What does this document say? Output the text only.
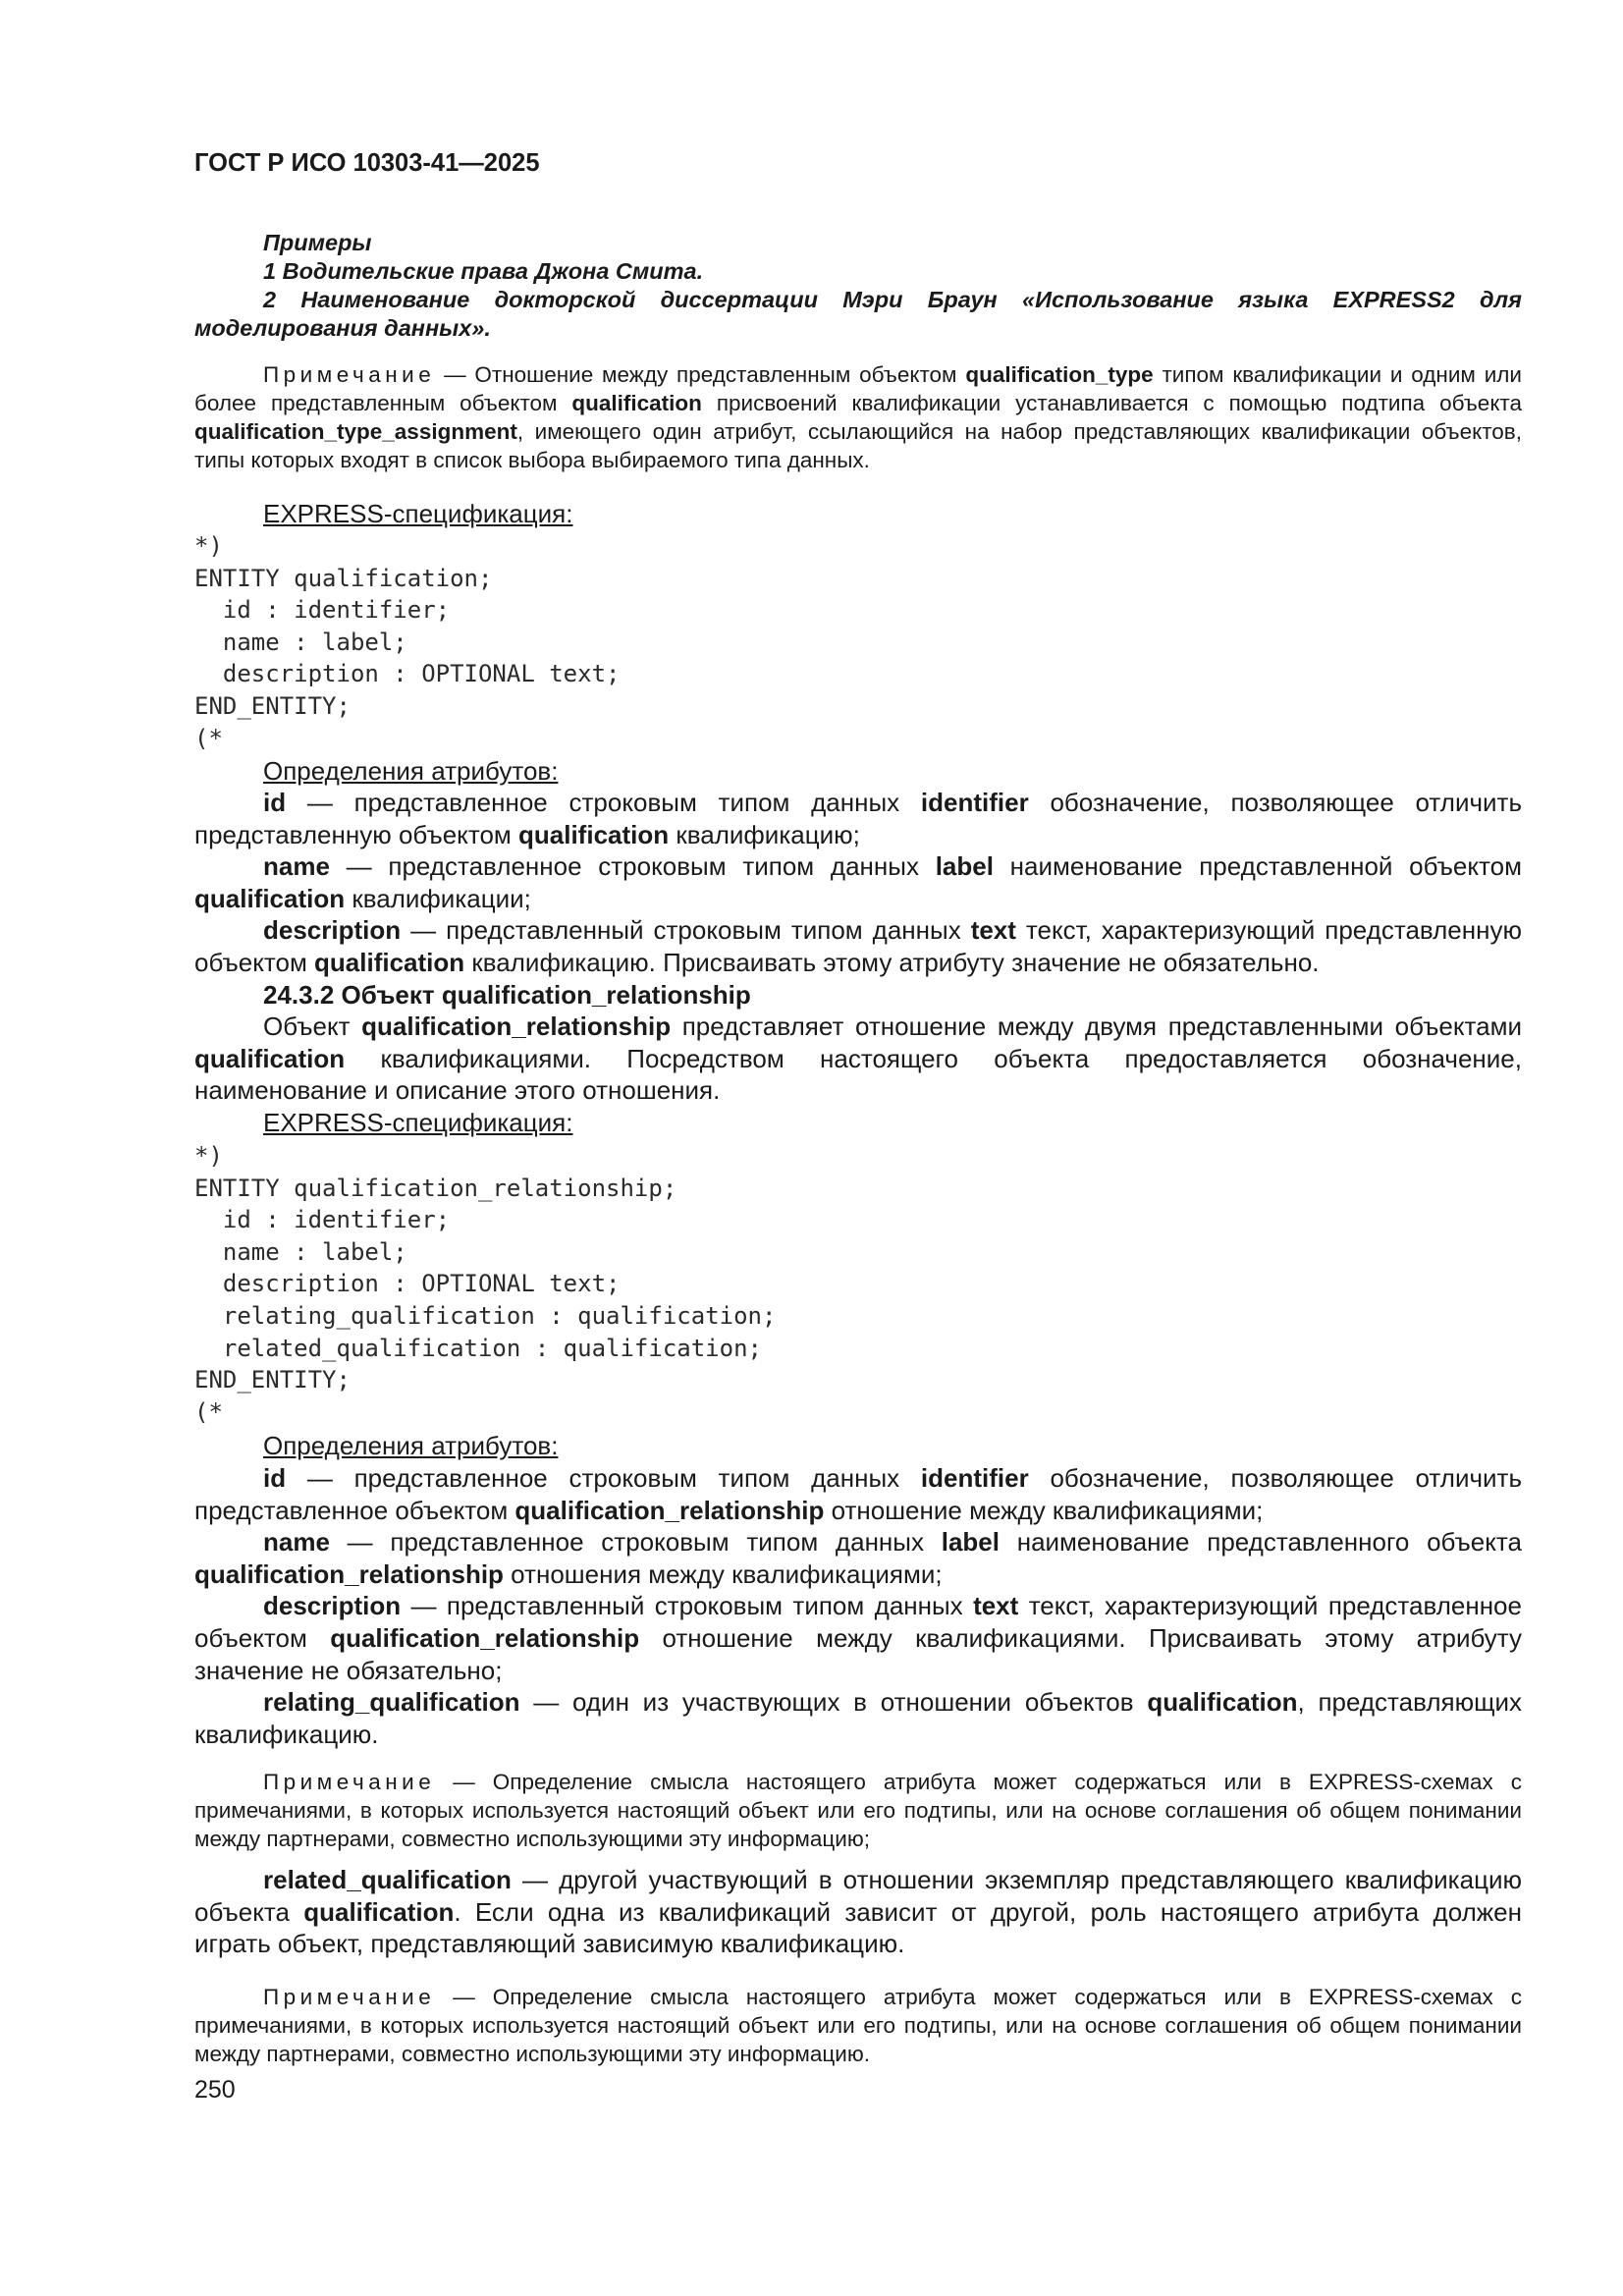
ГОСТ Р ИСО 10303-41—2025
Примеры
1 Водительские права Джона Смита.
2 Наименование докторской диссертации Мэри Браун «Использование языка EXPRESS2 для моделирования данных».

Примечание — Отношение между представленным объектом qualification_type типом квалификации и одним или более представленным объектом qualification присвоений квалификации устанавливается с помощью подтипа объекта qualification_type_assignment, имеющего один атрибут, ссылающийся на набор представляющих квалификации объектов, типы которых входят в список выбора выбираемого типа данных.

EXPRESS-спецификация:

*)
ENTITY qualification;
id : identifier;
name : label;
description : OPTIONAL text;
END_ENTITY;
(*

Определения атрибутов:

id — представленное строковым типом данных identifier обозначение, позволяющее отличить представленную объектом qualification квалификацию;

name — представленное строковым типом данных label наименование представленной объектом qualification квалификации;

description — представленный строковым типом данных text текст, характеризующий представленную объектом qualification квалификацию. Присваивать этому атрибуту значение не обязательно.

24.3.2 Объект qualification_relationship

Объект qualification_relationship представляет отношение между двумя представленными объектами qualification квалификациями. Посредством настоящего объекта предоставляется обозначение, наименование и описание этого отношения.

EXPRESS-спецификация:

*)
ENTITY qualification_relationship;
id : identifier;
name : label;
description : OPTIONAL text;
relating_qualification : qualification;
related_qualification : qualification;
END_ENTITY;
(*

Определения атрибутов:

id — представленное строковым типом данных identifier обозначение, позволяющее отличить представленное объектом qualification_relationship отношение между квалификациями;

name — представленное строковым типом данных label наименование представленного объекта qualification_relationship отношения между квалификациями;

description — представленный строковым типом данных text текст, характеризующий представленное объектом qualification_relationship отношение между квалификациями. Присваивать этому атрибуту значение не обязательно;

relating_qualification — один из участвующих в отношении объектов qualification, представляющих квалификацию.

Примечание — Определение смысла настоящего атрибута может содержаться или в EXPRESS-схемах с примечаниями, в которых используется настоящий объект или его подтипы, или на основе соглашения об общем понимании между партнерами, совместно использующими эту информацию;

related_qualification — другой участвующий в отношении экземпляр представляющего квалификацию объекта qualification. Если одна из квалификаций зависит от другой, роль настоящего атрибута должен играть объект, представляющий зависимую квалификацию.

Примечание — Определение смысла настоящего атрибута может содержаться или в EXPRESS-схемах с примечаниями, в которых используется настоящий объект или его подтипы, или на основе соглашения об общем понимании между партнерами, совместно использующими эту информацию.

250
